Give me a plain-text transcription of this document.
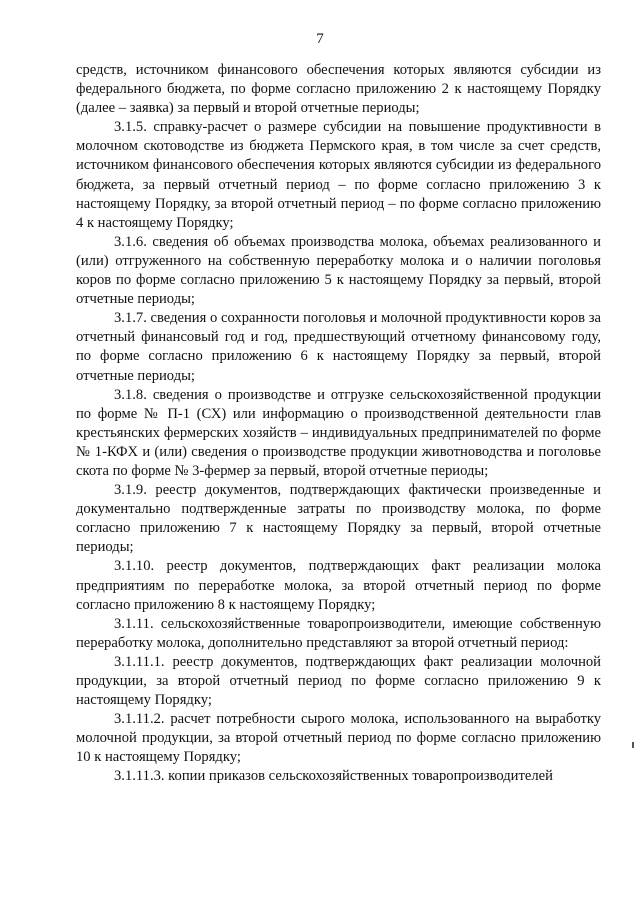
7

средств, источником финансового обеспечения которых являются субсидии из федерального бюджета, по форме согласно приложению 2 к настоящему Порядку (далее – заявка) за первый и второй отчетные периоды;

3.1.5. справку-расчет о размере субсидии на повышение продуктивности в молочном скотоводстве из бюджета Пермского края, в том числе за счет средств, источником финансового обеспечения которых являются субсидии из федерального бюджета, за первый отчетный период – по форме согласно приложению 3 к настоящему Порядку, за второй отчетный период – по форме согласно приложению 4 к настоящему Порядку;

3.1.6. сведения об объемах производства молока, объемах реализованного и (или) отгруженного на собственную переработку молока и о наличии поголовья коров по форме согласно приложению 5 к настоящему Порядку за первый, второй отчетные периоды;

3.1.7. сведения о сохранности поголовья и молочной продуктивности коров за отчетный финансовый год и год, предшествующий отчетному финансовому году, по форме согласно приложению 6 к настоящему Порядку за первый, второй отчетные периоды;

3.1.8. сведения о производстве и отгрузке сельскохозяйственной продукции по форме № П-1 (СХ) или информацию о производственной деятельности глав крестьянских фермерских хозяйств – индивидуальных предпринимателей по форме № 1-КФХ и (или) сведения о производстве продукции животноводства и поголовье скота по форме № 3-фермер за первый, второй отчетные периоды;

3.1.9. реестр документов, подтверждающих фактически произведенные и документально подтвержденные затраты по производству молока, по форме согласно приложению 7 к настоящему Порядку за первый, второй отчетные периоды;

3.1.10. реестр документов, подтверждающих факт реализации молока предприятиям по переработке молока, за второй отчетный период по форме согласно приложению 8 к настоящему Порядку;

3.1.11. сельскохозяйственные товаропроизводители, имеющие собственную переработку молока, дополнительно представляют за второй отчетный период:

3.1.11.1. реестр документов, подтверждающих факт реализации молочной продукции, за второй отчетный период по форме согласно приложению 9 к настоящему Порядку;

3.1.11.2. расчет потребности сырого молока, использованного на выработку молочной продукции, за второй отчетный период по форме согласно приложению 10 к настоящему Порядку;

3.1.11.3. копии приказов сельскохозяйственных товаропроизводителей
